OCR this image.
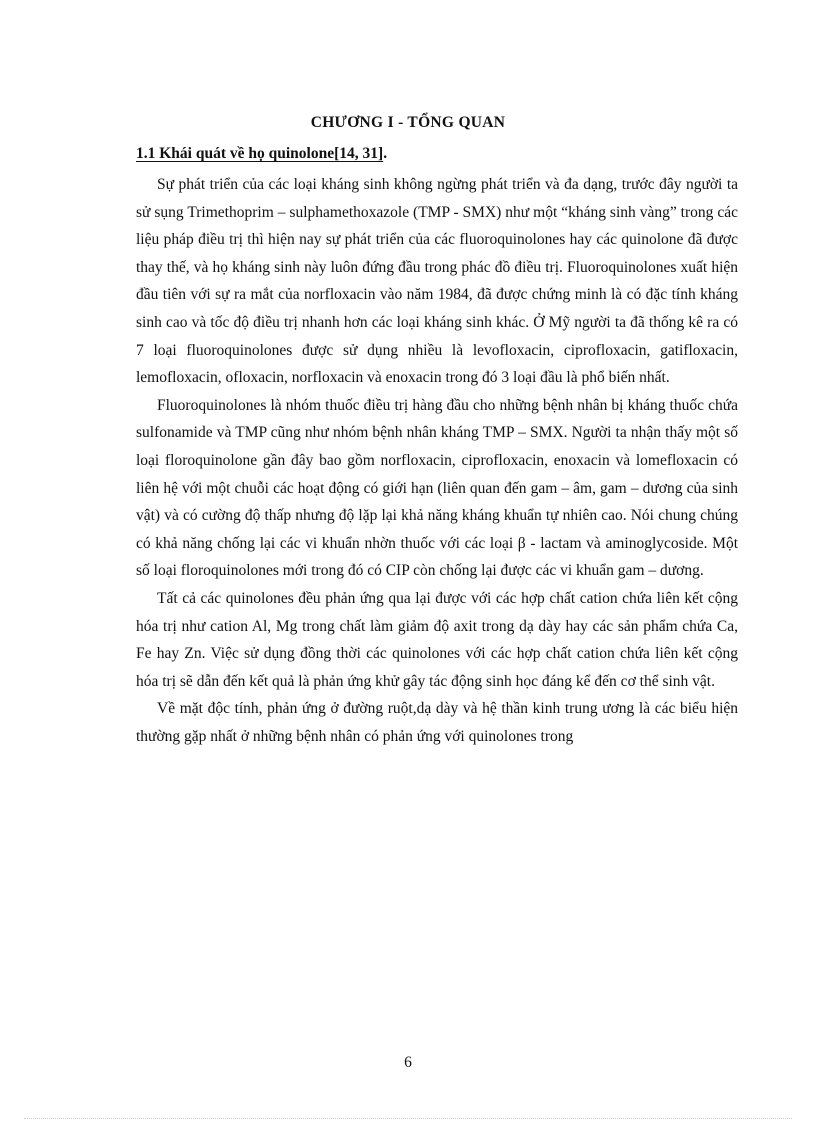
CHƯƠNG I - TỔNG QUAN
1.1 Khái quát về họ quinolone[14, 31].

Sự phát triển của các loại kháng sinh không ngừng phát triển và đa dạng, trước đây người ta sử sụng Trimethoprim – sulphamethoxazole (TMP - SMX) như một “kháng sinh vàng” trong các liệu pháp điều trị thì hiện nay sự phát triển của các fluoroquinolones hay các quinolone đã được thay thế, và họ kháng sinh này luôn đứng đầu trong phác đồ điều trị. Fluoroquinolones xuất hiện đầu tiên với sự ra mắt của norfloxacin vào năm 1984, đã được chứng minh là có đặc tính kháng sinh cao và tốc độ điều trị nhanh hơn các loại kháng sinh khác. Ở Mỹ người ta đã thống kê ra có 7 loại fluoroquinolones được sử dụng nhiều là levofloxacin, ciprofloxacin, gatifloxacin, lemofloxacin, ofloxacin, norfloxacin và enoxacin trong đó 3 loại đầu là phổ biến nhất.

Fluoroquinolones là nhóm thuốc điều trị hàng đầu cho những bệnh nhân bị kháng thuốc chứa sulfonamide và TMP cũng như nhóm bệnh nhân kháng TMP – SMX. Người ta nhận thấy một số loại floroquinolone gần đây bao gồm norfloxacin, ciprofloxacin, enoxacin và lomefloxacin có liên hệ với một chuỗi các hoạt động có giới hạn (liên quan đến gam – âm, gam – dương của sinh vật) và có cường độ thấp nhưng độ lặp lại khả năng kháng khuẩn tự nhiên cao. Nói chung chúng có khả năng chống lại các vi khuẩn nhờn thuốc với các loại β - lactam và aminoglycoside. Một số loại floroquinolones mới trong đó có CIP còn chống lại được các vi khuẩn gam – dương.

Tất cả các quinolones đều phản ứng qua lại được với các hợp chất cation chứa liên kết cộng hóa trị như cation Al, Mg trong chất làm giảm độ axit trong dạ dày hay các sản phẩm chứa Ca, Fe hay Zn. Việc sử dụng đồng thời các quinolones với các hợp chất cation chứa liên kết cộng hóa trị sẽ dẫn đến kết quả là phản ứng khử gây tác động sinh học đáng kể đến cơ thể sinh vật.

Về mặt độc tính, phản ứng ở đường ruột,dạ dày và hệ thần kinh trung ương là các biểu hiện thường gặp nhất ở những bệnh nhân có phản ứng với quinolones trong

6
